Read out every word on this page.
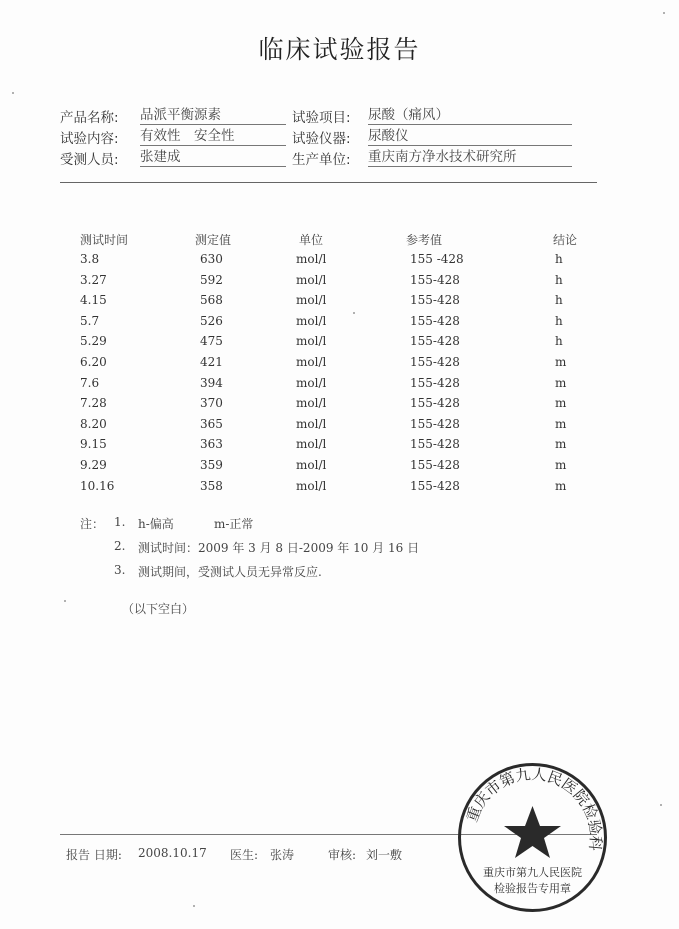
临床试验报告
产品名称: 品派平衡源素	试验项目: 尿酸（痛风）
试验内容: 有效性　安全性	试验仪器: 尿酸仪
受测人员: 张建成	生产单位: 重庆南方净水技术研究所
测试时间	测定值	单位	参考值	结论
3.8	630	mol/l	155 -428	h
3.27	592	mol/l	155-428	h
4.15	568	mol/l	155-428	h
5.7	526	mol/l	155-428	h
5.29	475	mol/l	155-428	h
6.20	421	mol/l	155-428	m
7.6	394	mol/l	155-428	m
7.28	370	mol/l	155-428	m
8.20	365	mol/l	155-428	m
9.15	363	mol/l	155-428	m
9.29	359	mol/l	155-428	m
10.16	358	mol/l	155-428	m
注： 1. h-偏高	m-正常
2. 测试时间：2009 年 3 月 8 日-2009 年 10 月 16 日
3. 测试期间，受测试人员无异常反应.
（以下空白）
报告 日期: 2008.10.17 医生: 张涛	审核: 刘一敷
重庆市第九人民医院检验科
重庆市第九人民医院
检验报告专用章
